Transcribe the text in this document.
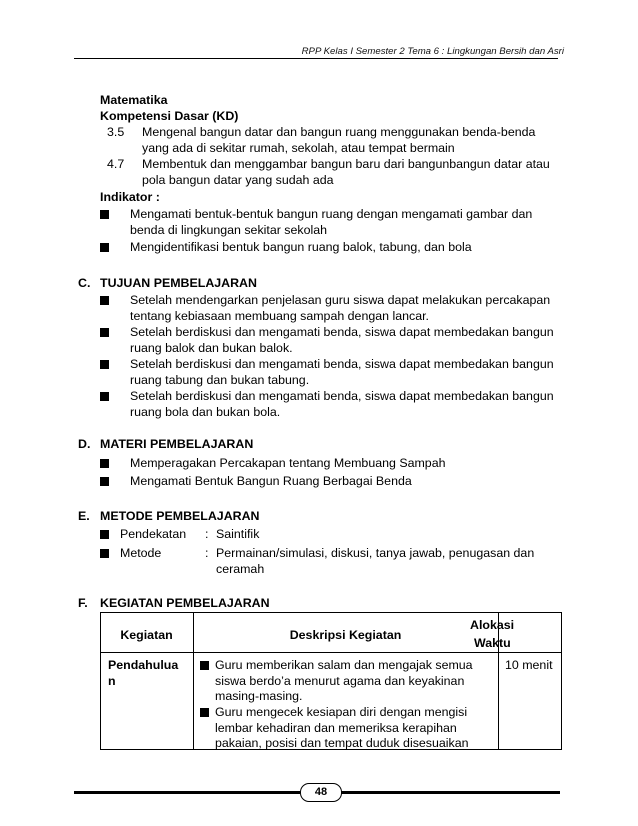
RPP Kelas I Semester 2 Tema 6 : Lingkungan Bersih dan Asri
Matematika
Kompetensi Dasar (KD)
3.5 Mengenal bangun datar dan bangun ruang menggunakan benda-benda
yang ada di sekitar rumah, sekolah, atau tempat bermain
4.7 Membentuk dan menggambar bangun baru dari bangunbangun datar atau
pola bangun datar yang sudah ada
Indikator :
Mengamati bentuk-bentuk bangun ruang dengan mengamati gambar dan
benda di lingkungan sekitar sekolah
Mengidentifikasi bentuk bangun ruang balok, tabung, dan bola
C. TUJUAN PEMBELAJARAN
Setelah mendengarkan penjelasan guru siswa dapat melakukan percakapan
tentang kebiasaan membuang sampah dengan lancar.
Setelah berdiskusi dan mengamati benda, siswa dapat membedakan bangun
ruang balok dan bukan balok.
Setelah berdiskusi dan mengamati benda, siswa dapat membedakan bangun
ruang tabung dan bukan tabung.
Setelah berdiskusi dan mengamati benda, siswa dapat membedakan bangun
ruang bola dan bukan bola.
D. MATERI PEMBELAJARAN
Memperagakan Percakapan tentang Membuang Sampah
Mengamati Bentuk Bangun Ruang Berbagai Benda
E. METODE PEMBELAJARAN
Pendekatan : Saintifik
Metode	: Permainan/simulasi, diskusi, tanya jawab, penugasan dan
ceramah
F. KEGIATAN PEMBELAJARAN
Kegiatan	Deskripsi Kegiatan
Alokasi
Waktu
Pendahulua
n
Guru memberikan salam dan mengajak semua
siswa berdo’a menurut agama dan keyakinan
masing-masing.
Guru mengecek kesiapan diri dengan mengisi
lembar kehadiran dan memeriksa kerapihan
pakaian, posisi dan tempat duduk disesuaikan
10 menit
48
